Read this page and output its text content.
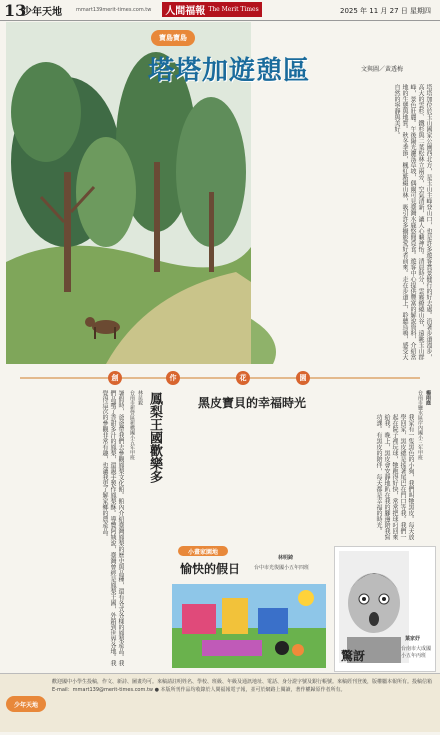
13
少年天地	mmart139merit-times.com.tw 人間福報 The Merit Times	2025 年 11 月 27 日 星期四
寶島 寶島
塔塔加遊憩區	文與圖／黃透梅
塔塔加位於玉山國家公園西北方，是玉山主峰登山口，也是許多遊客賞景健行的好去處。沿著步道漫步，高大的雲杉、鐵杉與二葉松林立兩旁，空氣清新，讓人心曠神怡。清晨時分，雲霧繚繞山谷，遠眺玉山群峰，景色壯麗。午後陽光灑落草坡，偶爾可見臺灣水鹿悠閒覓食。遊客中心提供豐富的解說資料，介紹當地的生態與地質。秋冬季節，楓紅點綴山林，吸引許多攝影愛好者前來。走在步道上，聆聽鳥鳴，感受大自然的寧靜與美好。
創	作	花	園
鳳梨王國歡樂多
林昆毅
台南市新營區新橋國小五年甲班
暑假時，爸爸帶我們去參觀鳳梨文化館。館內介紹臺灣鳳梨的歷史與品種，還有各式各樣的鳳梨產品。我們品嚐了香甜多汁的鳳梨，還親手製作鳳梨酥。導覽阿姨說，臺灣曾經是鳳梨王國，外銷到世界各地。我覺得這次的參觀非常有趣，也讓我更了解家鄉的農產品。	黑皮寶貝的幸福時光	楊雨庭
台南市鹽水區岸內國小三年甲班
我家有一隻黑色的小狗，我們叫牠黑皮。每天放學回家，黑皮總是搖著尾巴在門口等我。我們一起在院子裡玩球，牠跑得好快，常常把球叼回來給我。晚上，黑皮會安靜地趴在我的腳邊陪我寫功課。有黑皮的陪伴，每天都是幸福的時光。
小畫家園地
愉快的假日
林明錡
台中市光復國小五年四班
驚訝
葉家妤
台南市大成國小五年丙班
少年天地
歡迎國中小學生投稿，作文、新詩、圖畫均可。來稿請註明姓名、學校、班級、年級及通訊地址、電話、身分證字號及銀行帳號。來稿經刊登後，版權屬本報所有。投稿信箱 E-mail：mmart139@merit-times.com.tw ● 本版所刊作品均收錄於人間福報電子報，並可於網路上閱讀，著作權歸原作者所有。
